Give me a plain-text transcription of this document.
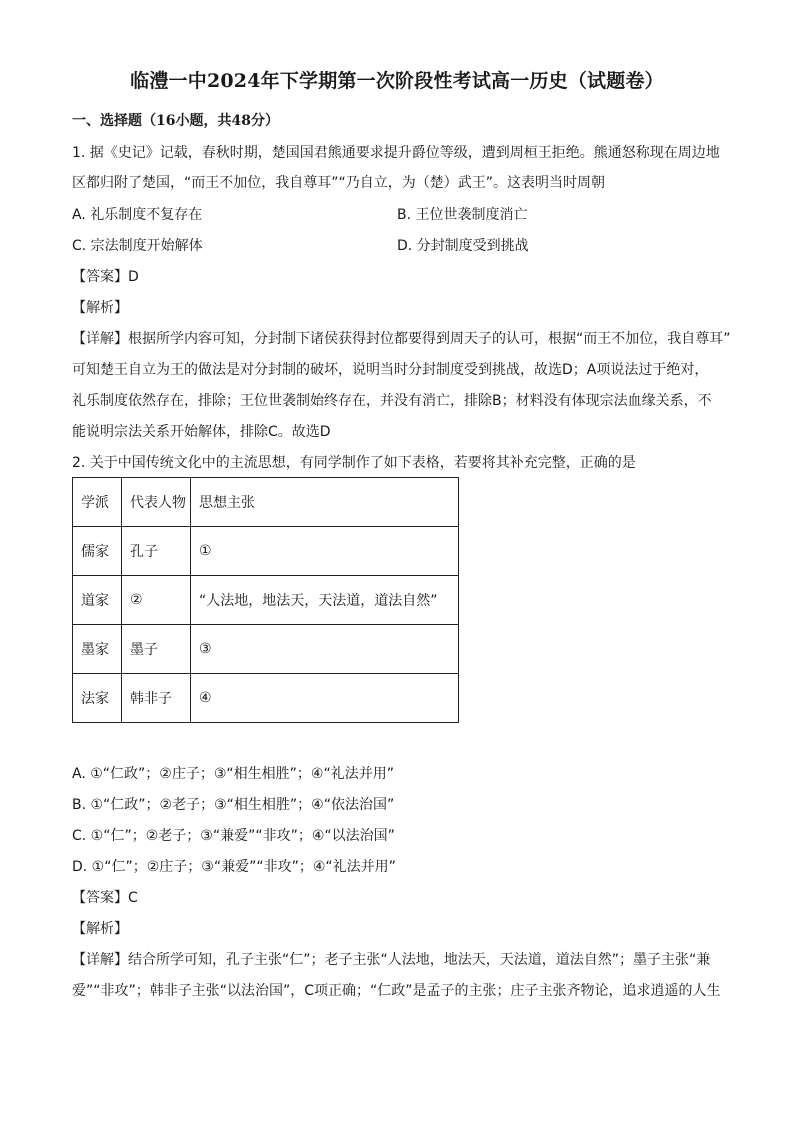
临澧一中2024年下学期第一次阶段性考试高一历史（试题卷）
一、选择题（16小题，共48分）
1. 据《史记》记载，春秋时期，楚国国君熊通要求提升爵位等级，遭到周桓王拒绝。熊通怒称现在周边地
区都归附了楚国，“而王不加位，我自尊耳”“乃自立，为（楚）武王”。这表明当时周朝
A. 礼乐制度不复存在	B. 王位世袭制度消亡
C. 宗法制度开始解体	D. 分封制度受到挑战
【答案】D
【解析】
【详解】根据所学内容可知，分封制下诸侯获得封位都要得到周天子的认可，根据“而王不加位，我自尊耳”
可知楚王自立为王的做法是对分封制的破坏，说明当时分封制度受到挑战，故选D；A项说法过于绝对，
礼乐制度依然存在，排除；王位世袭制始终存在，并没有消亡，排除B；材料没有体现宗法血缘关系，不
能说明宗法关系开始解体，排除C。故选D
2. 关于中国传统文化中的主流思想，有同学制作了如下表格，若要将其补充完整，正确的是
学派	代表人物	思想主张
儒家	孔子	①
道家	②	“人法地，地法天，天法道，道法自然”
墨家	墨子	③
法家	韩非子	④
A. ①“仁政”；②庄子；③“相生相胜”；④“礼法并用”
B. ①“仁政”；②老子；③“相生相胜”；④“依法治国”
C. ①“仁”；②老子；③“兼爱”“非攻”；④“以法治国”
D. ①“仁”；②庄子；③“兼爱”“非攻”；④“礼法并用”
【答案】C
【解析】
【详解】结合所学可知，孔子主张“仁”；老子主张“人法地，地法天，天法道，道法自然”；墨子主张“兼
爱”“非攻”；韩非子主张“以法治国”，C项正确；“仁政”是孟子的主张；庄子主张齐物论，追求逍遥的人生
